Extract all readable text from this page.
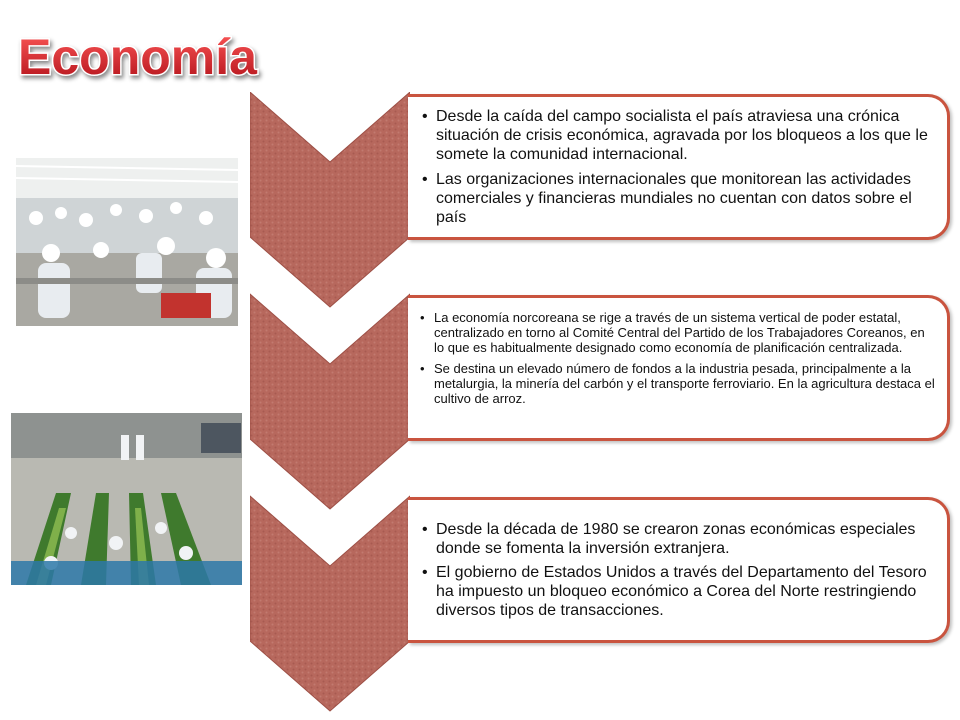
Economía
• Desde la caída del campo socialista el país atraviesa una crónica situación de crisis económica, agravada por los bloqueos a los que le somete la comunidad internacional.
• Las organizaciones internacionales que monitorean las actividades comerciales y financieras mundiales no cuentan con datos sobre el país
• La economía norcoreana se rige a través de un sistema vertical de poder estatal, centralizado en torno al Comité Central del Partido de los Trabajadores Coreanos, en lo que es habitualmente designado como economía de planificación centralizada.
• Se destina un elevado número de fondos a la industria pesada, principalmente a la metalurgia, la minería del carbón y el transporte ferroviario. En la agricultura destaca el cultivo de arroz.
• Desde la década de 1980 se crearon zonas económicas especiales donde se fomenta la inversión extranjera.
• El gobierno de Estados Unidos a través del Departamento del Tesoro ha impuesto un bloqueo económico a Corea del Norte restringiendo diversos tipos de transacciones.
